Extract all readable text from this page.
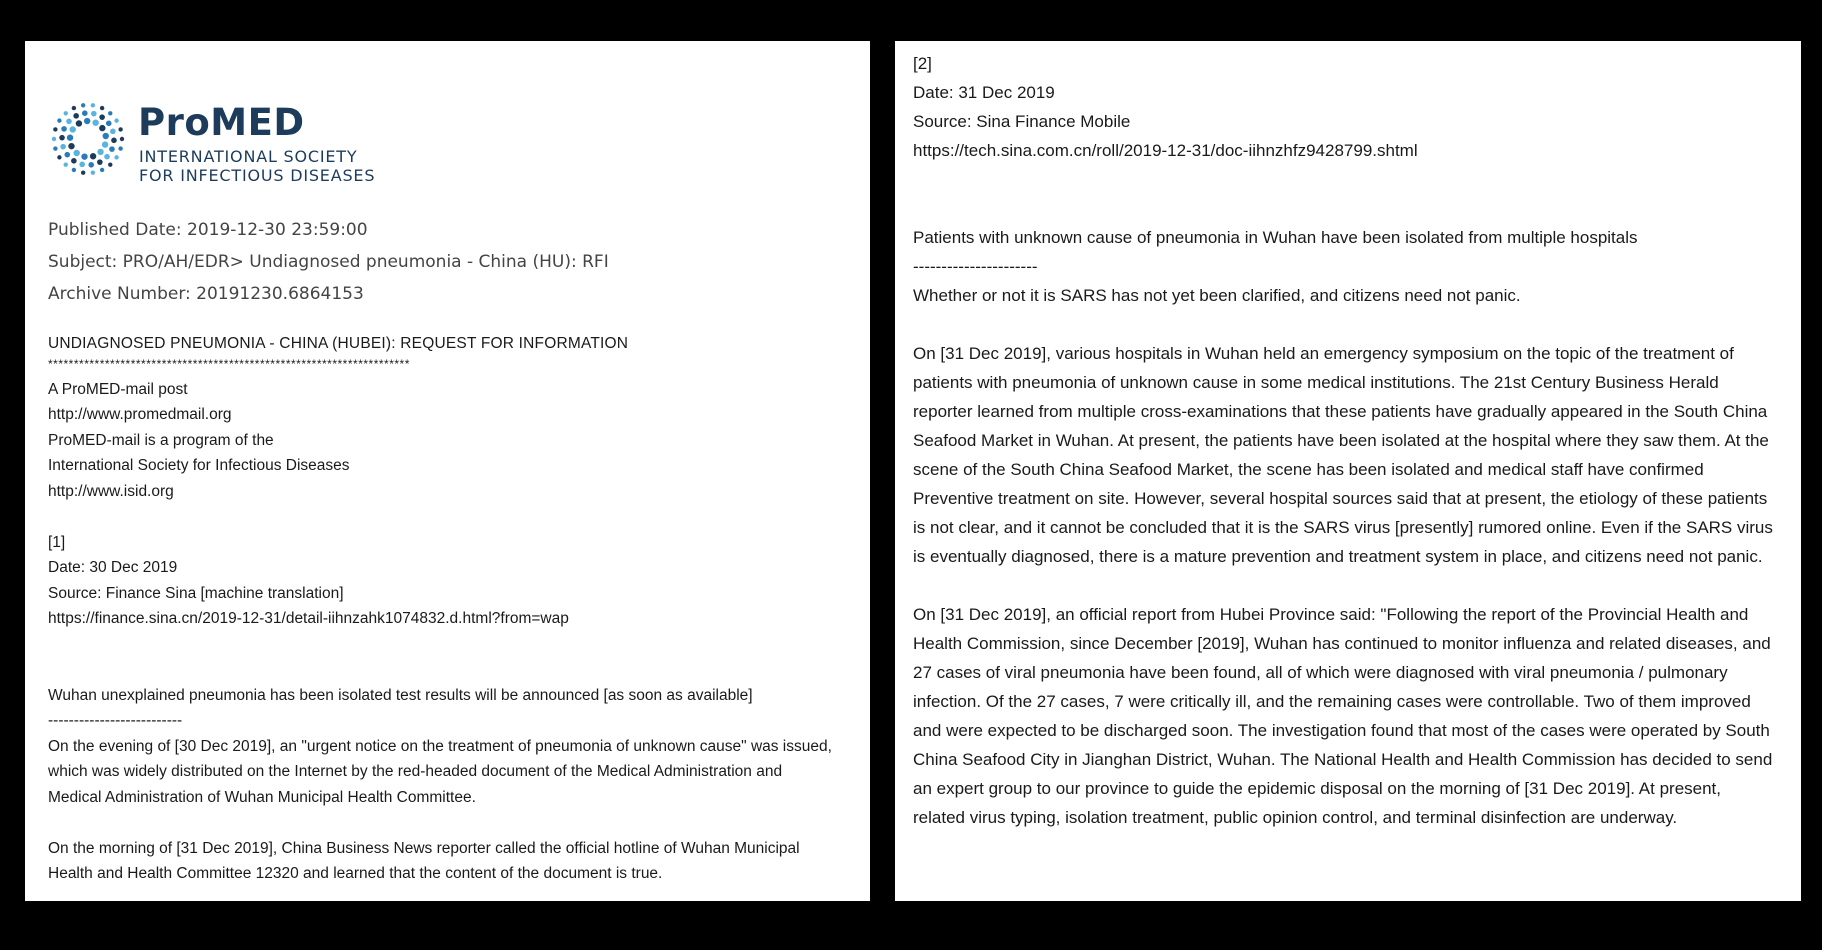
ProMED
INTERNATIONAL SOCIETY
FOR INFECTIOUS DISEASES
Published Date: 2019-12-30 23:59:00
Subject: PRO/AH/EDR> Undiagnosed pneumonia - China (HU): RFI
Archive Number: 20191230.6864153

UNDIAGNOSED PNEUMONIA - CHINA (HUBEI): REQUEST FOR INFORMATION

**********************************************************************

A ProMED-mail post

http://www.promedmail.org

ProMED-mail is a program of the

International Society for Infectious Diseases

http://www.isid.org

[1]

Date: 30 Dec 2019

Source: Finance Sina [machine translation]

https://finance.sina.cn/2019-12-31/detail-iihnzahk1074832.d.html?from=wap

Wuhan unexplained pneumonia has been isolated test results will be announced [as soon as available]

--------------------------

On the evening of [30 Dec 2019], an "urgent notice on the treatment of pneumonia of unknown cause" was issued, which was widely distributed on the Internet by the red-headed document of the Medical Administration and Medical Administration of Wuhan Municipal Health Committee.

On the morning of [31 Dec 2019], China Business News reporter called the official hotline of Wuhan Municipal Health and Health Committee 12320 and learned that the content of the document is true.

[2]

Date: 31 Dec 2019

Source: Sina Finance Mobile

https://tech.sina.com.cn/roll/2019-12-31/doc-iihnzhfz9428799.shtml

Patients with unknown cause of pneumonia in Wuhan have been isolated from multiple hospitals

----------------------

Whether or not it is SARS has not yet been clarified, and citizens need not panic.

On [31 Dec 2019], various hospitals in Wuhan held an emergency symposium on the topic of the treatment of patients with pneumonia of unknown cause in some medical institutions. The 21st Century Business Herald reporter learned from multiple cross-examinations that these patients have gradually appeared in the South China Seafood Market in Wuhan. At present, the patients have been isolated at the hospital where they saw them. At the scene of the South China Seafood Market, the scene has been isolated and medical staff have confirmed Preventive treatment on site. However, several hospital sources said that at present, the etiology of these patients is not clear, and it cannot be concluded that it is the SARS virus [presently] rumored online. Even if the SARS virus is eventually diagnosed, there is a mature prevention and treatment system in place, and citizens need not panic.

On [31 Dec 2019], an official report from Hubei Province said: "Following the report of the Provincial Health and Health Commission, since December [2019], Wuhan has continued to monitor influenza and related diseases, and 27 cases of viral pneumonia have been found, all of which were diagnosed with viral pneumonia / pulmonary infection. Of the 27 cases, 7 were critically ill, and the remaining cases were controllable. Two of them improved and were expected to be discharged soon. The investigation found that most of the cases were operated by South China Seafood City in Jianghan District, Wuhan. The National Health and Health Commission has decided to send an expert group to our province to guide the epidemic disposal on the morning of [31 Dec 2019]. At present, related virus typing, isolation treatment, public opinion control, and terminal disinfection are underway.
